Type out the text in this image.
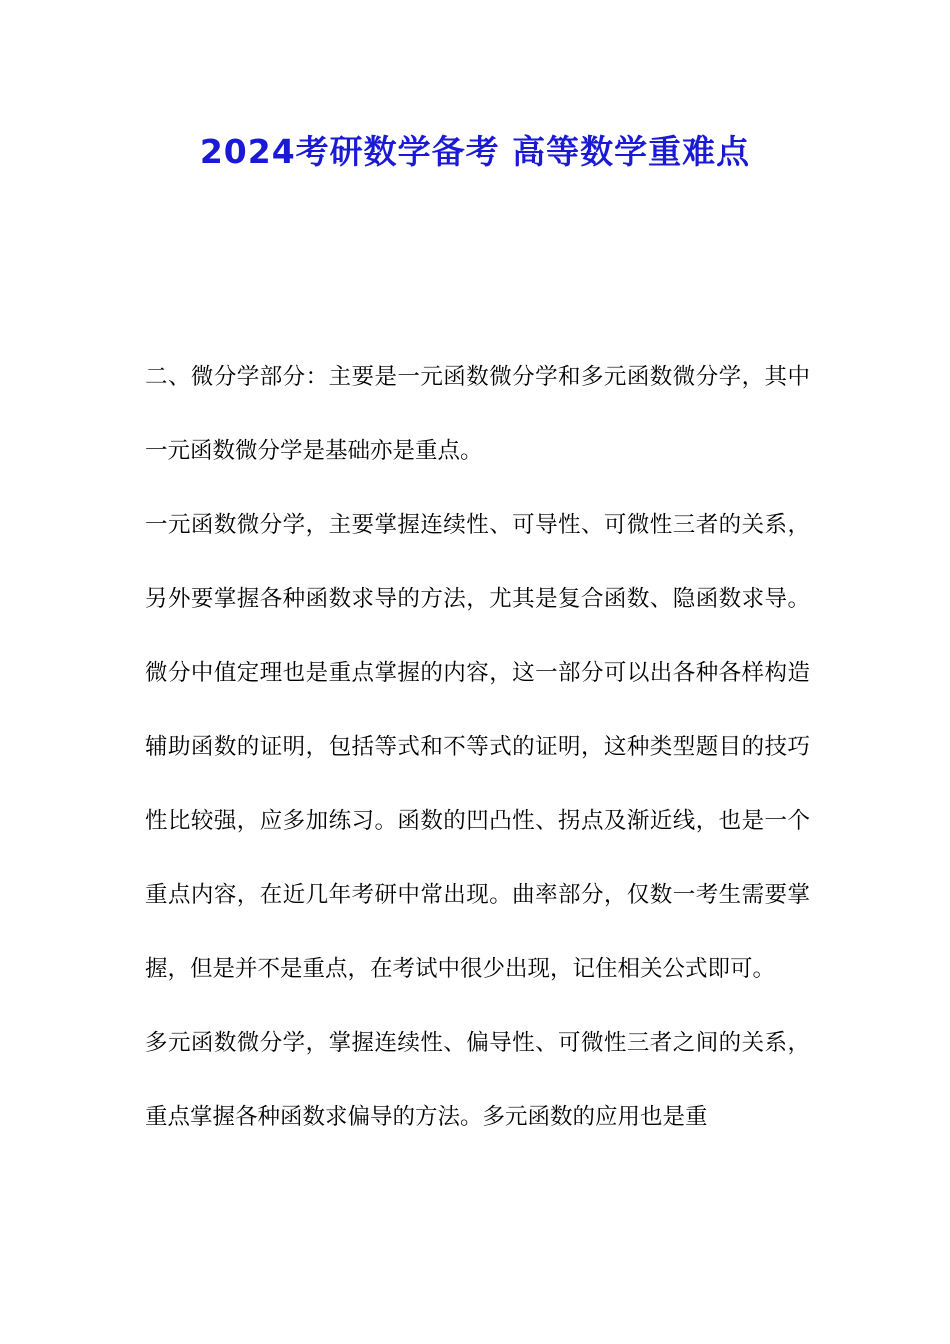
2024考研数学备考 高等数学重难点

二、微分学部分：主要是一元函数微分学和多元函数微分学，其中一元函数微分学是基础亦是重点。

一元函数微分学，主要掌握连续性、可导性、可微性三者的关系，另外要掌握各种函数求导的方法，尤其是复合函数、隐函数求导。微分中值定理也是重点掌握的内容，这一部分可以出各种各样构造辅助函数的证明，包括等式和不等式的证明，这种类型题目的技巧性比较强，应多加练习。函数的凹凸性、拐点及渐近线，也是一个重点内容，在近几年考研中常出现。曲率部分，仅数一考生需要掌握，但是并不是重点，在考试中很少出现，记住相关公式即可。

多元函数微分学，掌握连续性、偏导性、可微性三者之间的关系，重点掌握各种函数求偏导的方法。多元函数的应用也是重
